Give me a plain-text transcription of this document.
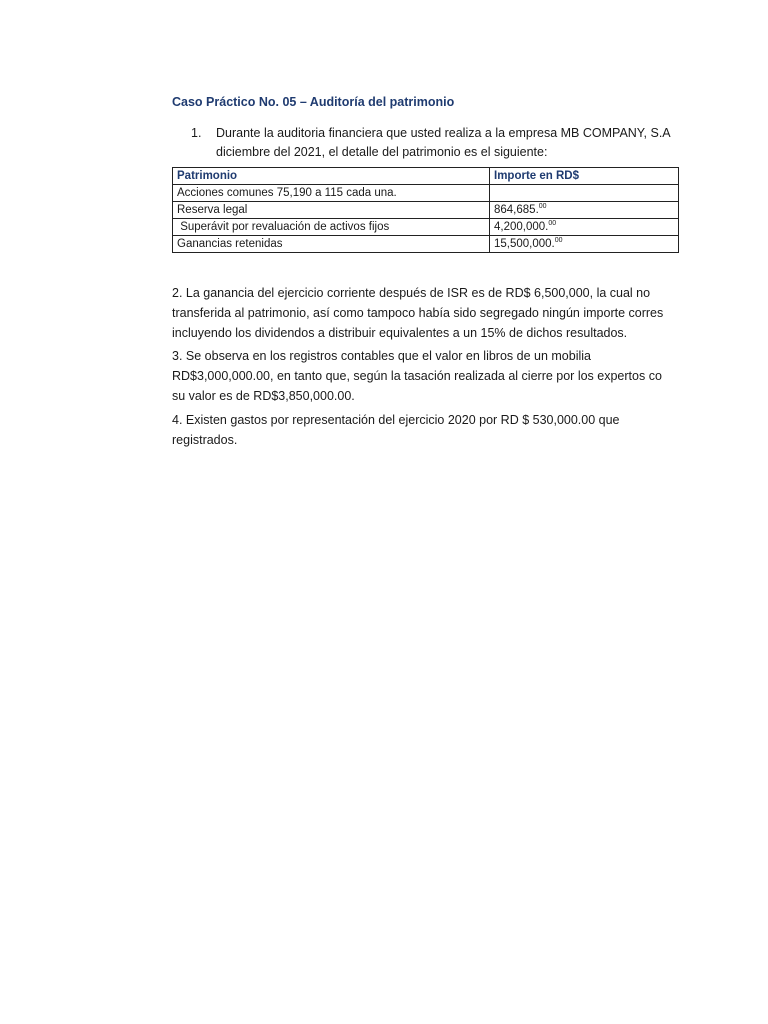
Caso Práctico No. 05 – Auditoría del patrimonio
1. Durante la auditoria financiera que usted realiza a la empresa MB COMPANY, S.A
diciembre del 2021, el detalle del patrimonio es el siguiente:
Patrimonio	Importe en RD$
Acciones comunes 75,190 a 115 cada una.	
Reserva legal	864,685.00
Superávit por revaluación de activos fijos	4,200,000.00
Ganancias retenidas	15,500,000.00
2. La ganancia del ejercicio corriente después de ISR es de RD$ 6,500,000, la cual no
transferida al patrimonio, así como tampoco había sido segregado ningún importe corres
incluyendo los dividendos a distribuir equivalentes a un 15% de dichos resultados.
3. Se observa en los registros contables que el valor en libros de un mobilia
RD$3,000,000.00, en tanto que, según la tasación realizada al cierre por los expertos co
su valor es de RD$3,850,000.00.
4. Existen gastos por representación del ejercicio 2020 por RD $ 530,000.00 que
registrados.
